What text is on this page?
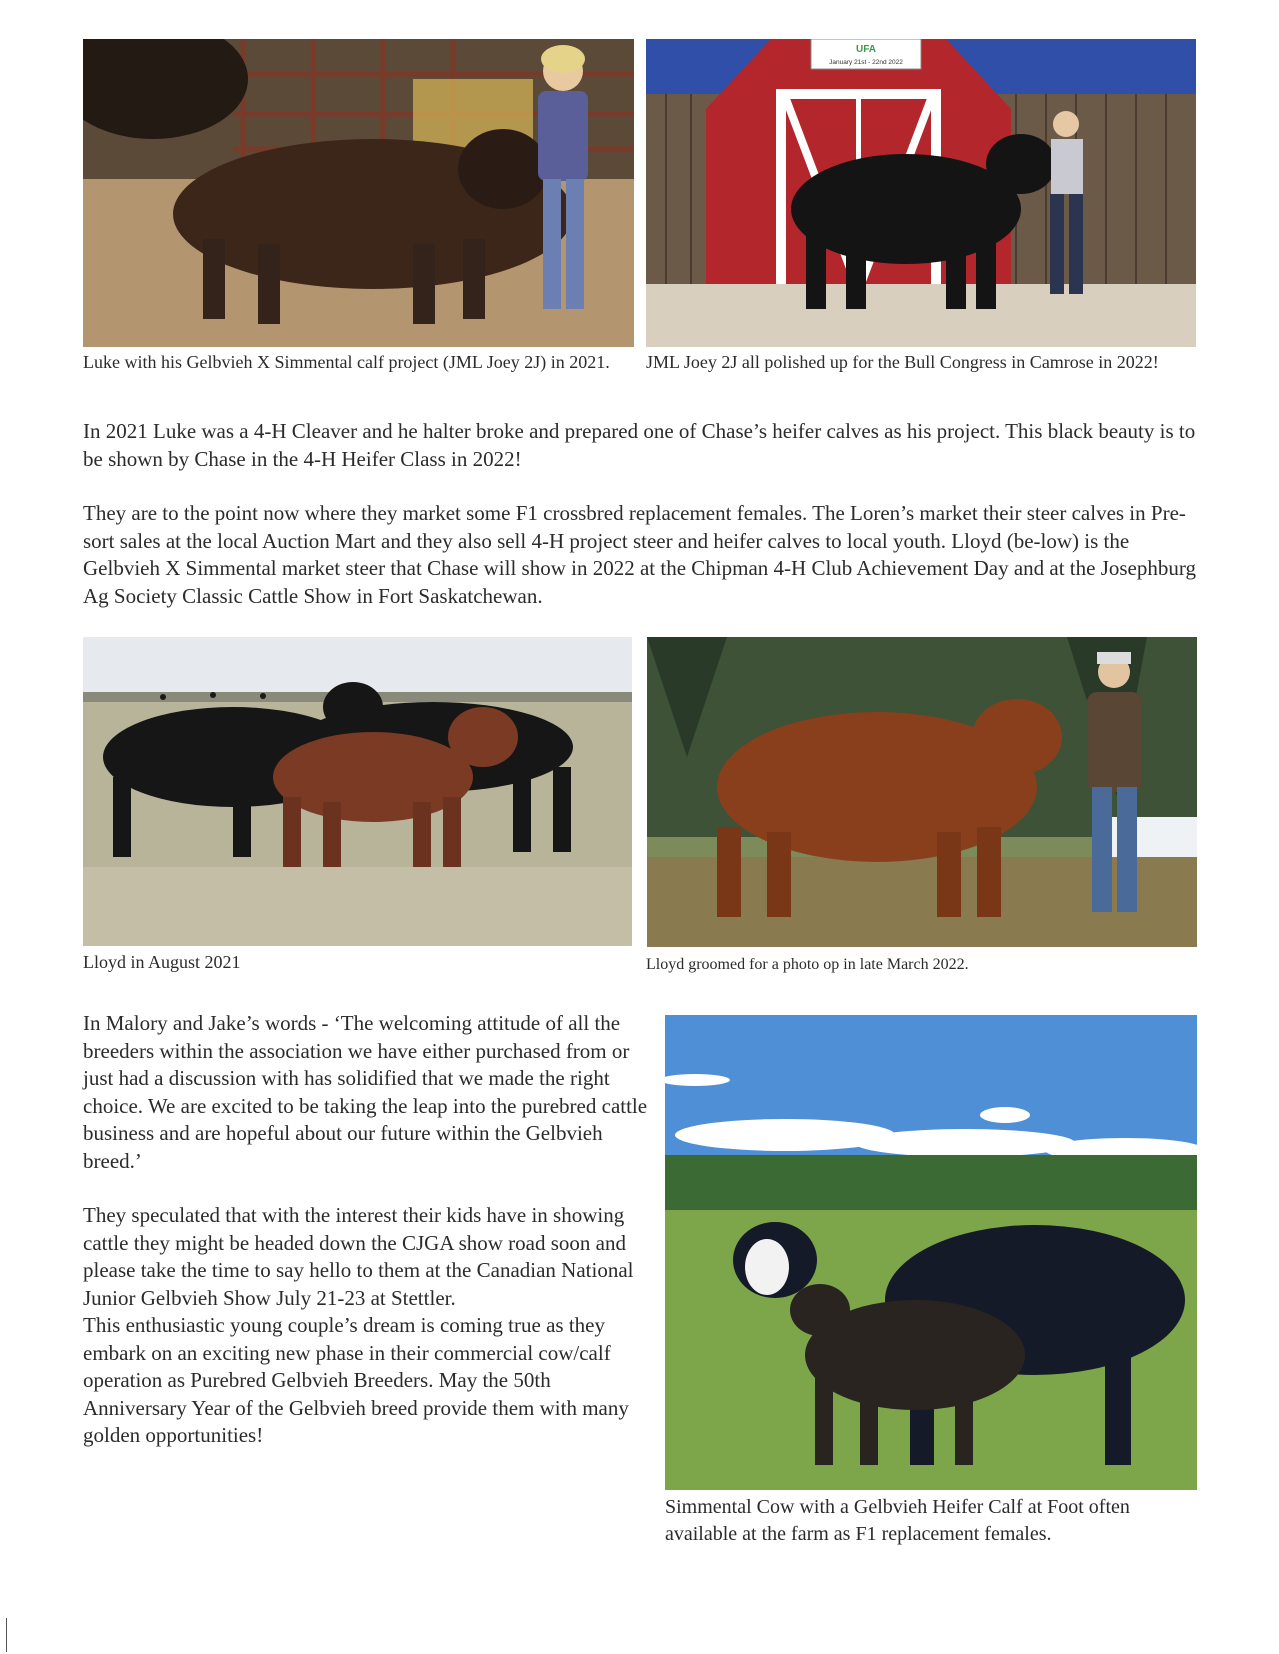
Luke with his Gelbvieh X Simmental calf project (JML Joey 2J) in 2021.
UFA
January 21st - 22nd 2022
JML Joey 2J all polished up for the Bull Congress in Camrose in 2022!

In 2021 Luke was a 4-H Cleaver and he halter broke and prepared one of Chase’s heifer calves as his project. This black beauty is to be shown by Chase in the 4-H Heifer Class in 2022!

They are to the point now where they market some F1 crossbred replacement females. The Loren’s market their steer calves in Pre-sort sales at the local Auction Mart and they also sell 4-H project steer and heifer calves to local youth. Lloyd (be-low) is the Gelbvieh X Simmental market steer that Chase will show in 2022 at the Chipman 4-H Club Achievement Day and at the Josephburg Ag Society Classic Cattle Show in Fort Saskatchewan.

Lloyd in August 2021	Lloyd groomed for a photo op in late March 2022.

In Malory and Jake’s words - ‘The welcoming attitude of all the breeders within the association we have either purchased from or just had a discussion with has solidified that we made the right choice. We are excited to be taking the leap into the purebred cattle business and are hopeful about our future within the Gelbvieh breed.’

They speculated that with the interest their kids have in showing cattle they might be headed down the CJGA show road soon and please take the time to say hello to them at the Canadian National Junior Gelbvieh Show July 21-23 at Stettler.

This enthusiastic young couple’s dream is coming true as they embark on an exciting new phase in their commercial cow/calf operation as Purebred Gelbvieh Breeders. May the 50th Anniversary Year of the Gelbvieh breed provide them with many golden opportunities!

Simmental Cow with a Gelbvieh Heifer Calf at Foot often available at the farm as F1 replacement females.
